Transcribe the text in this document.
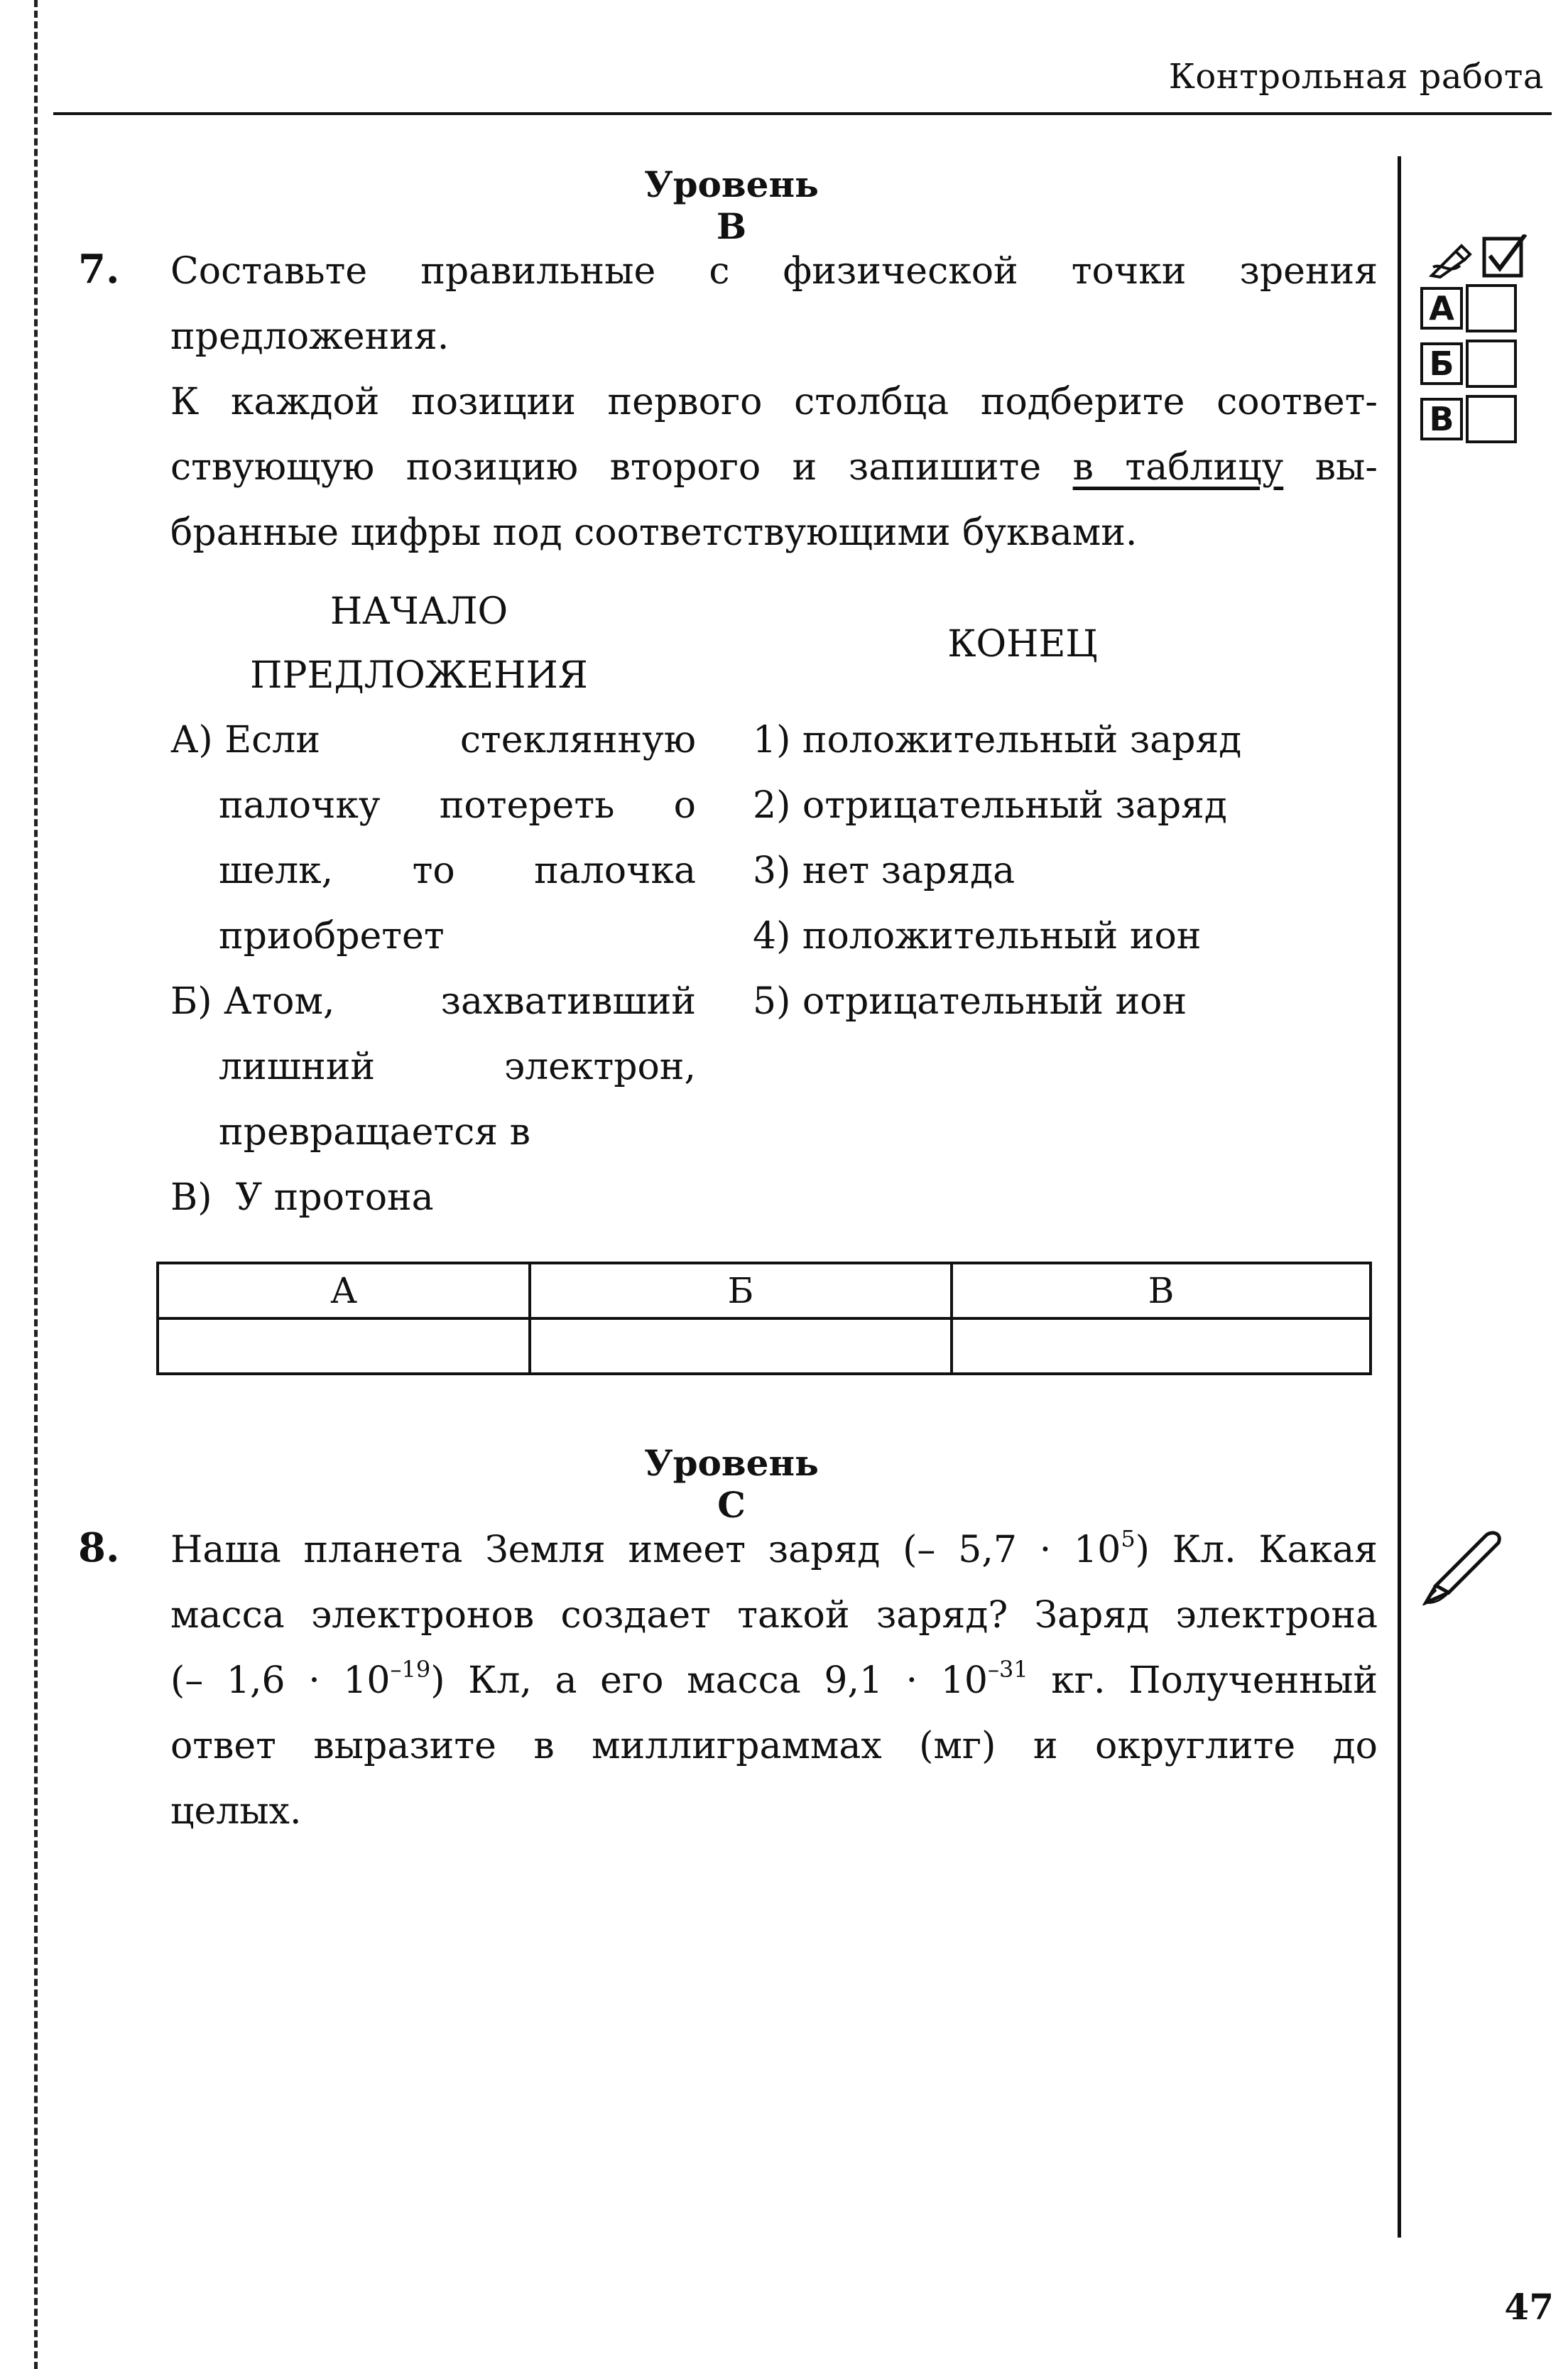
Контрольная работа
Уровень В
7. Составьте правильные с физической точки зрения
предложения.
К каждой позиции первого столбца подберите соответ-
ствующую позицию второго и запишите в таблицу вы-
бранные цифры под соответствующими буквами.
НАЧАЛО
ПРЕДЛОЖЕНИЯ
КОНЕЦ
А) Если	стеклянную
палочку потереть о
шелк, то палочка
приобретет
Б) Атом,	захвативший
лишний	электрон,
превращается в
В) У протона
1) положительный заряд
2) отрицательный заряд
3) нет заряда
4) положительный ион
5) отрицательный ион
А	Б	В

Уровень С
8. Наша планета Земля имеет заряд (– $5,7 \cdot 10^5$) Кл. Какая
масса электронов создает такой заряд? Заряд электрона
(– $1,6 \cdot 10^{-19}$) Кл, а его масса $9,1 \cdot 10^{-31}$ кг. Полученный
ответ выразите в миллиграммах (мг) и округлите до
целых.
А
Б
В
47
